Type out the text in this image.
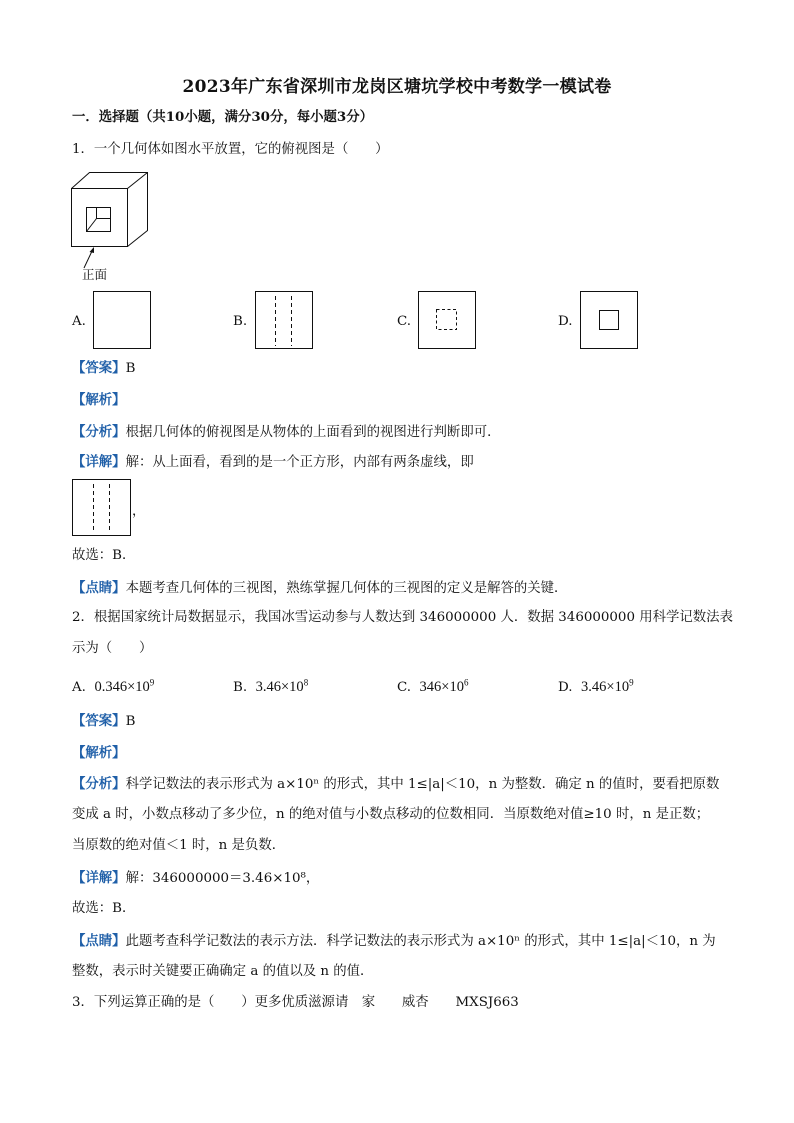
2023年广东省深圳市龙岗区塘坑学校中考数学一模试卷
一．选择题（共10小题，满分30分，每小题3分）
1．一个几何体如图水平放置，它的俯视图是（　　）
正面
A.	B.	C.	D.
【答案】B
【解析】
【分析】根据几何体的俯视图是从物体的上面看到的视图进行判断即可．
【详解】解：从上面看，看到的是一个正方形，内部有两条虚线，即
，
故选：B．
【点睛】本题考查几何体的三视图，熟练掌握几何体的三视图的定义是解答的关键．
2．根据国家统计局数据显示，我国冰雪运动参与人数达到 346000000 人．数据 346000000 用科学记数法表
示为（　　）
A. $0.346\times 10^9$	B. $3.46\times 10^8$	C. $346\times 10^6$	D. $3.46\times 10^9$
【答案】B
【解析】
【分析】科学记数法的表示形式为 a×10ⁿ 的形式，其中 1≤|a|＜10，n 为整数．确定 n 的值时，要看把原数
变成 a 时，小数点移动了多少位，n 的绝对值与小数点移动的位数相同．当原数绝对值≥10 时，n 是正数；
当原数的绝对值＜1 时，n 是负数．
【详解】解：346000000＝3.46×10⁸，
故选：B．
【点睛】此题考查科学记数法的表示方法．科学记数法的表示形式为 a×10ⁿ 的形式，其中 1≤|a|＜10，n 为
整数，表示时关键要正确确定 a 的值以及 n 的值．
3．下列运算正确的是（　　）更多优质滋源请　家　　威杏　　MXSJ663
